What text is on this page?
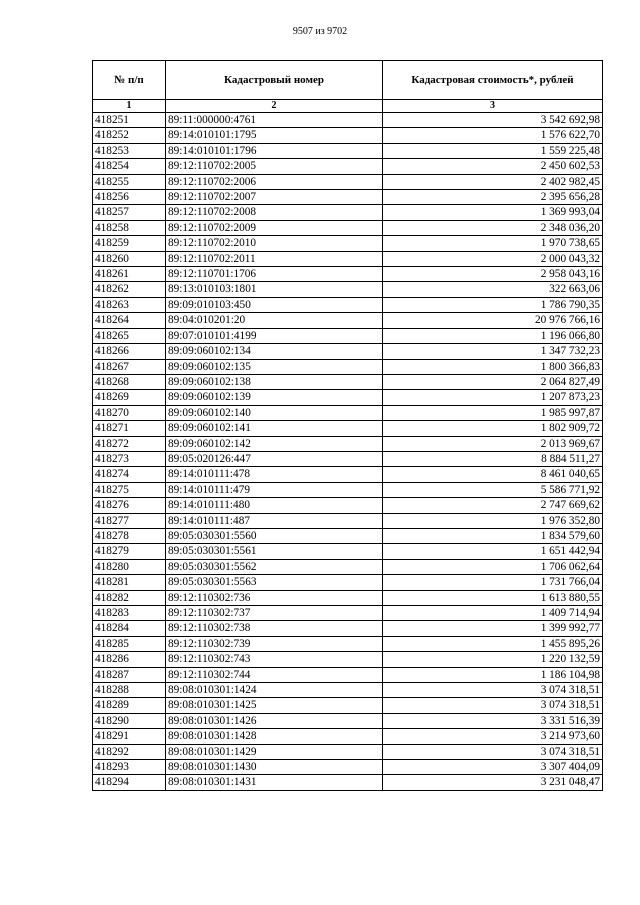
9507 из 9702
№ п/п	Кадастровый номер	Кадастровая стоимость*, рублей
1	2	3
418251	89:11:000000:4761	3 542 692,98
418252	89:14:010101:1795	1 576 622,70
418253	89:14:010101:1796	1 559 225,48
418254	89:12:110702:2005	2 450 602,53
418255	89:12:110702:2006	2 402 982,45
418256	89:12:110702:2007	2 395 656,28
418257	89:12:110702:2008	1 369 993,04
418258	89:12:110702:2009	2 348 036,20
418259	89:12:110702:2010	1 970 738,65
418260	89:12:110702:2011	2 000 043,32
418261	89:12:110701:1706	2 958 043,16
418262	89:13:010103:1801	322 663,06
418263	89:09:010103:450	1 786 790,35
418264	89:04:010201:20	20 976 766,16
418265	89:07:010101:4199	1 196 066,80
418266	89:09:060102:134	1 347 732,23
418267	89:09:060102:135	1 800 366,83
418268	89:09:060102:138	2 064 827,49
418269	89:09:060102:139	1 207 873,23
418270	89:09:060102:140	1 985 997,87
418271	89:09:060102:141	1 802 909,72
418272	89:09:060102:142	2 013 969,67
418273	89:05:020126:447	8 884 511,27
418274	89:14:010111:478	8 461 040,65
418275	89:14:010111:479	5 586 771,92
418276	89:14:010111:480	2 747 669,62
418277	89:14:010111:487	1 976 352,80
418278	89:05:030301:5560	1 834 579,60
418279	89:05:030301:5561	1 651 442,94
418280	89:05:030301:5562	1 706 062,64
418281	89:05:030301:5563	1 731 766,04
418282	89:12:110302:736	1 613 880,55
418283	89:12:110302:737	1 409 714,94
418284	89:12:110302:738	1 399 992,77
418285	89:12:110302:739	1 455 895,26
418286	89:12:110302:743	1 220 132,59
418287	89:12:110302:744	1 186 104,98
418288	89:08:010301:1424	3 074 318,51
418289	89:08:010301:1425	3 074 318,51
418290	89:08:010301:1426	3 331 516,39
418291	89:08:010301:1428	3 214 973,60
418292	89:08:010301:1429	3 074 318,51
418293	89:08:010301:1430	3 307 404,09
418294	89:08:010301:1431	3 231 048,47
